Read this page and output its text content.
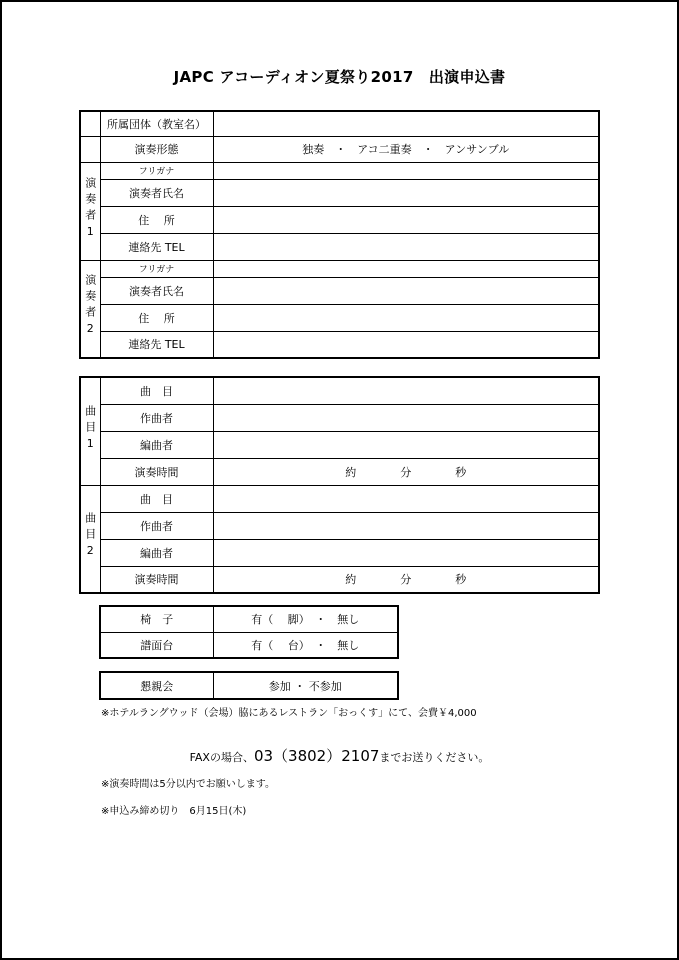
JAPC アコーディオン夏祭り2017　出演申込書
	所属団体（教室名）	
	演奏形態	独奏　・　アコ二重奏　・　アンサンブル
演奏者1	フリガナ	
	演奏者氏名	
	住　 所	
	連絡先 TEL	
演奏者2	フリガナ	
	演奏者氏名	
	住　 所	
	連絡先 TEL	
曲目1	曲　目	
	作曲者	
	編曲者	
	演奏時間	約　　　　分　　　　秒
曲目2	曲　目	
	作曲者	
	編曲者	
	演奏時間	約　　　　分　　　　秒
椅　子	有（　 脚）　・　無し
譜面台	有（　 台）　・　無し
懇親会	参加 ・ 不参加
※ホテルラングウッド（会場）脇にあるレストラン「おっくす」にて、会費￥4,000
FAXの場合、03（3802）2107までお送りください。
※演奏時間は5分以内でお願いします。
※申込み締め切り　6月15日(木)
